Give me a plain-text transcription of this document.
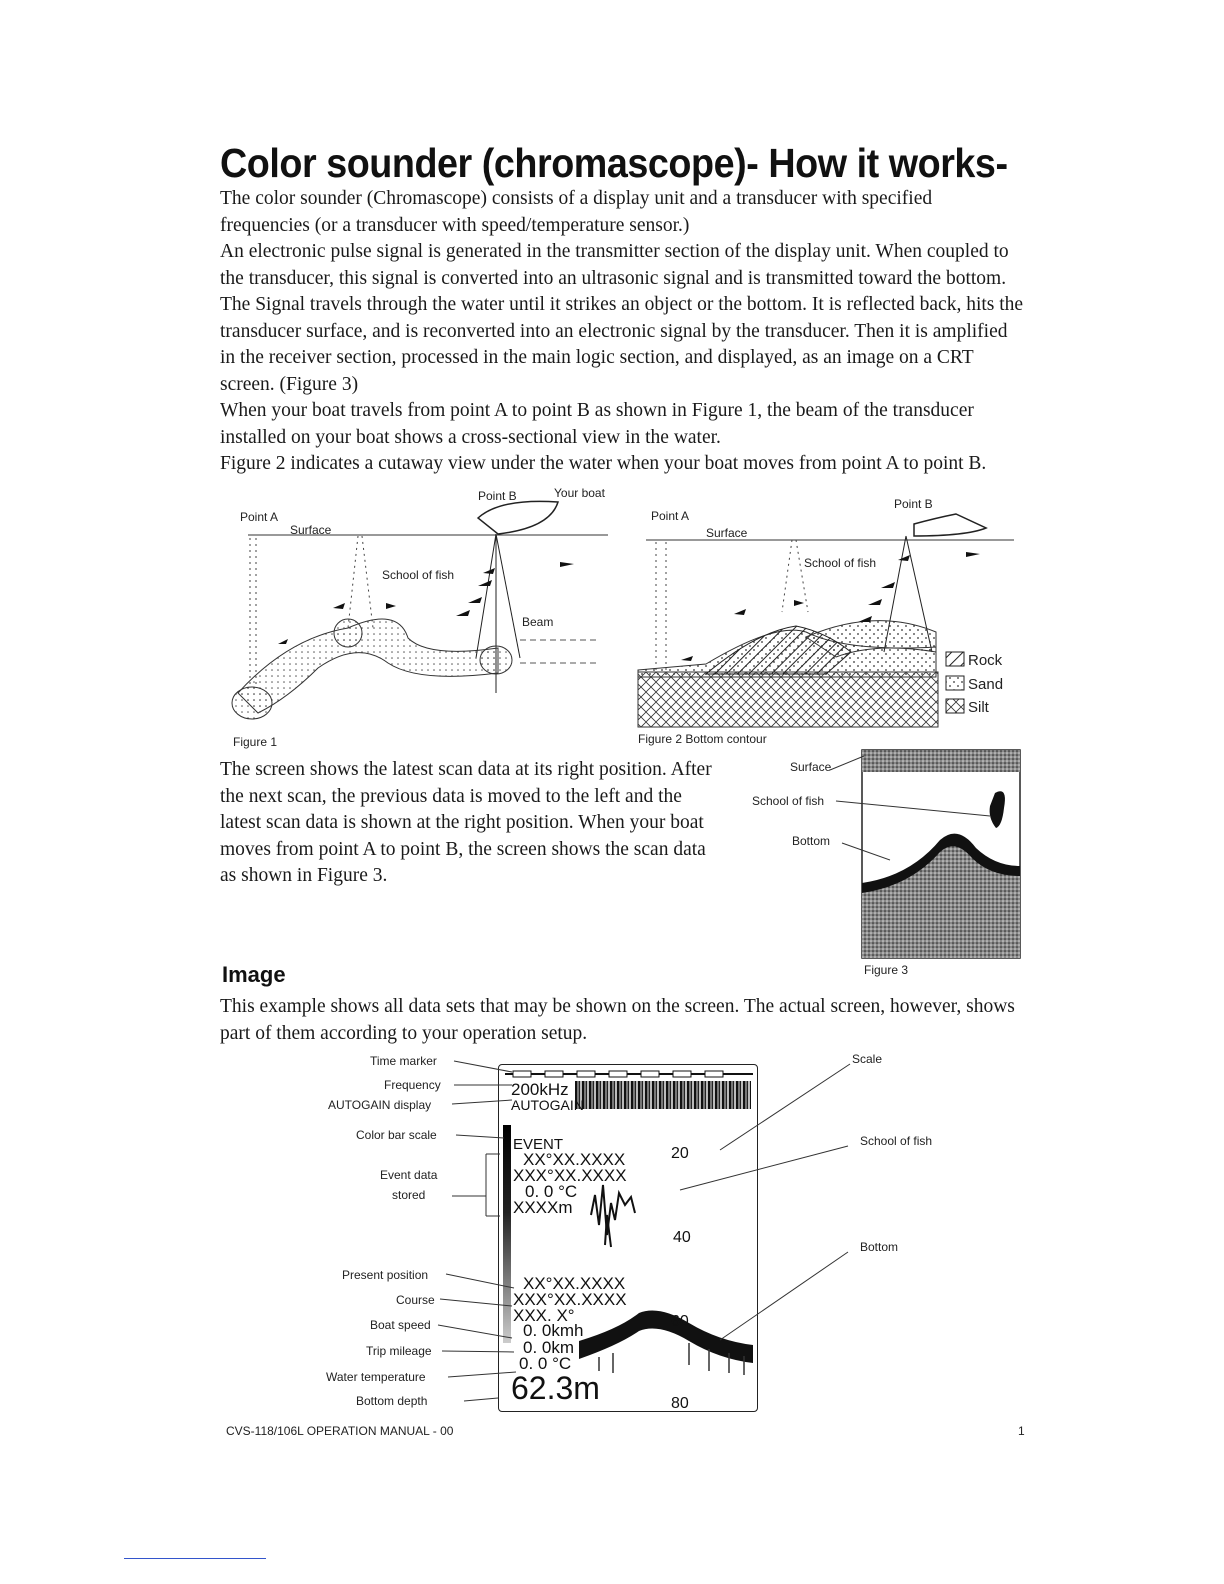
Color sounder (chromascope)- How it works-
The color sounder (Chromascope) consists of a display unit and a transducer with specified frequencies (or a transducer with speed/temperature sensor.)
An electronic pulse signal is generated in the transmitter section of the display unit. When coupled to the transducer, this signal is converted into an ultrasonic signal and is transmitted toward the bottom. The Signal travels through the water until it strikes an object or the bottom. It is reflected back, hits the transducer surface, and is reconverted into an electronic signal by the transducer. Then it is amplified in the receiver section, processed in the main logic section, and displayed, as an image on a CRT screen. (Figure 3)
When your boat travels from point A to point B as shown in Figure 1, the beam of the transducer installed on your boat shows a cross-sectional view in the water.
Figure 2 indicates a cutaway view under the water when your boat moves from point A to point B.
Point A
Point B	Your boat
Surface
School of fish
Beam
Figure 1
Rock
Sand
Silt
Point A
Point B
Surface
School of fish
Figure 2 Bottom contour
The screen shows the latest scan data at its right position. After the next scan, the previous data is moved to the left and the latest scan data is shown at the right position. When your boat moves from point A to point B, the screen shows the scan data as shown in Figure 3.
Surface
School of fish
Bottom
Figure 3
Image
This example shows all data sets that may be shown on the screen. The actual screen, however, shows part of them according to your operation setup.
200kHz
AUTOGAIN
EVENT
XX°XX.XXXX
XXX°XX.XXXX
0. 0 °C
XXXXm
XX°XX.XXXX
XXX°XX.XXXX
XXX. X°
0. 0kmh
0. 0km
0. 0 °C
62.3m
20
40
60
80
Time marker
Frequency
AUTOGAIN display
Color bar scale
Event data
stored
Present position
Course
Boat speed
Trip mileage
Water temperature
Bottom depth
Scale
School of fish
Bottom
CVS-118/106L OPERATION MANUAL - 00	1
